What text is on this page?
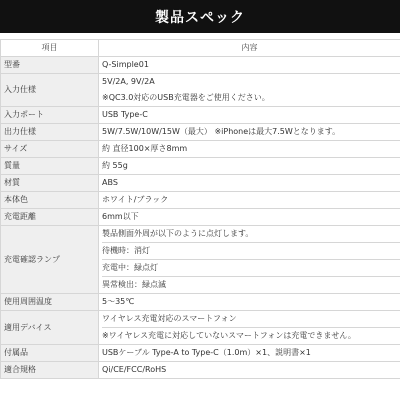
製品スペック
項目	内容
型番	Q-Simple01

入力仕様	5V/2A, 9V/2A
※QC3.0対応のUSB充電器をご使用ください。

入力ポート	USB Type-C

出力仕様	5W/7.5W/10W/15W（最大） ※iPhoneは最大7.5Wとなります。

サイズ	約 直径100×厚さ8mm

質量	約 55g

材質	ABS

本体色	ホワイト/ブラック

充電距離	6mm以下

充電確認ランプ	製品側面外周が以下のように点灯します。
待機時：消灯
充電中：緑点灯
異常検出：緑点滅

使用周囲温度	5～35℃

適用デバイス	ワイヤレス充電対応のスマートフォン
※ワイヤレス充電に対応していないスマートフォンは充電できません。

付属品	USBケーブル Type-A to Type-C（1.0m）×1、説明書×1

適合規格	Qi/CE/FCC/RoHS
